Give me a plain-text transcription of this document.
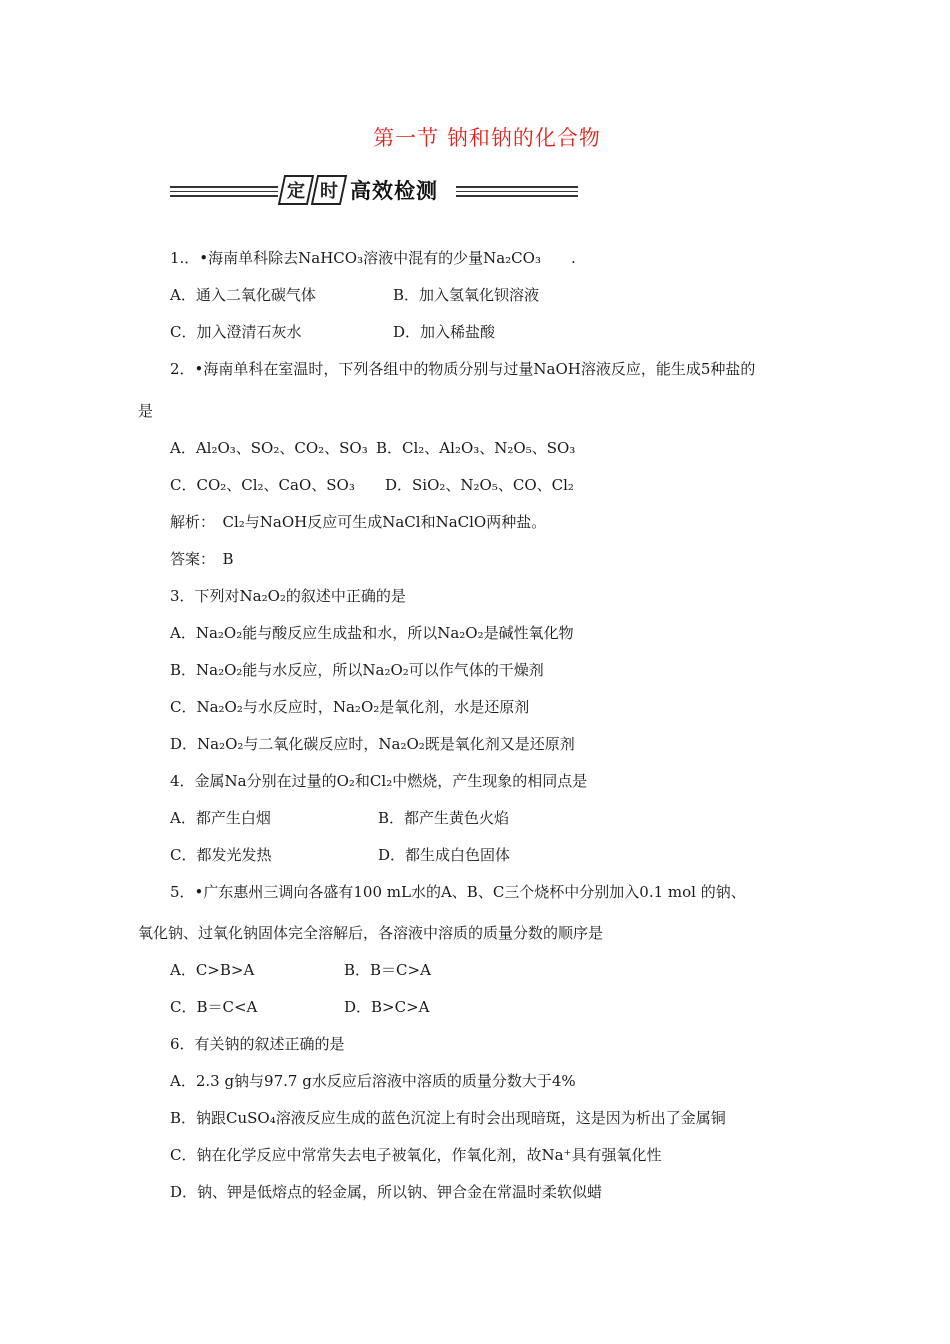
第一节 钠和钠的化合物
定 时 高效检测
1.．•海南单科除去NaHCO₃溶液中混有的少量Na₂CO₃　　.
A．通入二氧化碳气体	B．加入氢氧化钡溶液
C．加入澄清石灰水	D．加入稀盐酸
2．•海南单科在室温时，下列各组中的物质分别与过量NaOH溶液反应，能生成5种盐的
是
A．Al₂O₃、SO₂、CO₂、SO₃ B．Cl₂、Al₂O₃、N₂O₅、SO₃
C．CO₂、Cl₂、CaO、SO₃ D．SiO₂、N₂O₅、CO、Cl₂
解析：　Cl₂与NaOH反应可生成NaCl和NaClO两种盐。
答案：　B
3．下列对Na₂O₂的叙述中正确的是
A．Na₂O₂能与酸反应生成盐和水，所以Na₂O₂是碱性氧化物
B．Na₂O₂能与水反应，所以Na₂O₂可以作气体的干燥剂
C．Na₂O₂与水反应时，Na₂O₂是氧化剂，水是还原剂
D．Na₂O₂与二氧化碳反应时，Na₂O₂既是氧化剂又是还原剂
4．金属Na分别在过量的O₂和Cl₂中燃烧，产生现象的相同点是
A．都产生白烟	B．都产生黄色火焰
C．都发光发热	D．都生成白色固体
5．•广东惠州三调向各盛有100 mL水的A、B、C三个烧杯中分别加入0.1 mol 的钠、
氧化钠、过氧化钠固体完全溶解后，各溶液中溶质的质量分数的顺序是
A．C>B>A	B．B＝C>A
C．B＝C<A	D．B>C>A
6．有关钠的叙述正确的是
A．2.3 g钠与97.7 g水反应后溶液中溶质的质量分数大于4%
B．钠跟CuSO₄溶液反应生成的蓝色沉淀上有时会出现暗斑，这是因为析出了金属铜
C．钠在化学反应中常常失去电子被氧化，作氧化剂，故Na⁺具有强氧化性
D．钠、钾是低熔点的轻金属，所以钠、钾合金在常温时柔软似蜡
